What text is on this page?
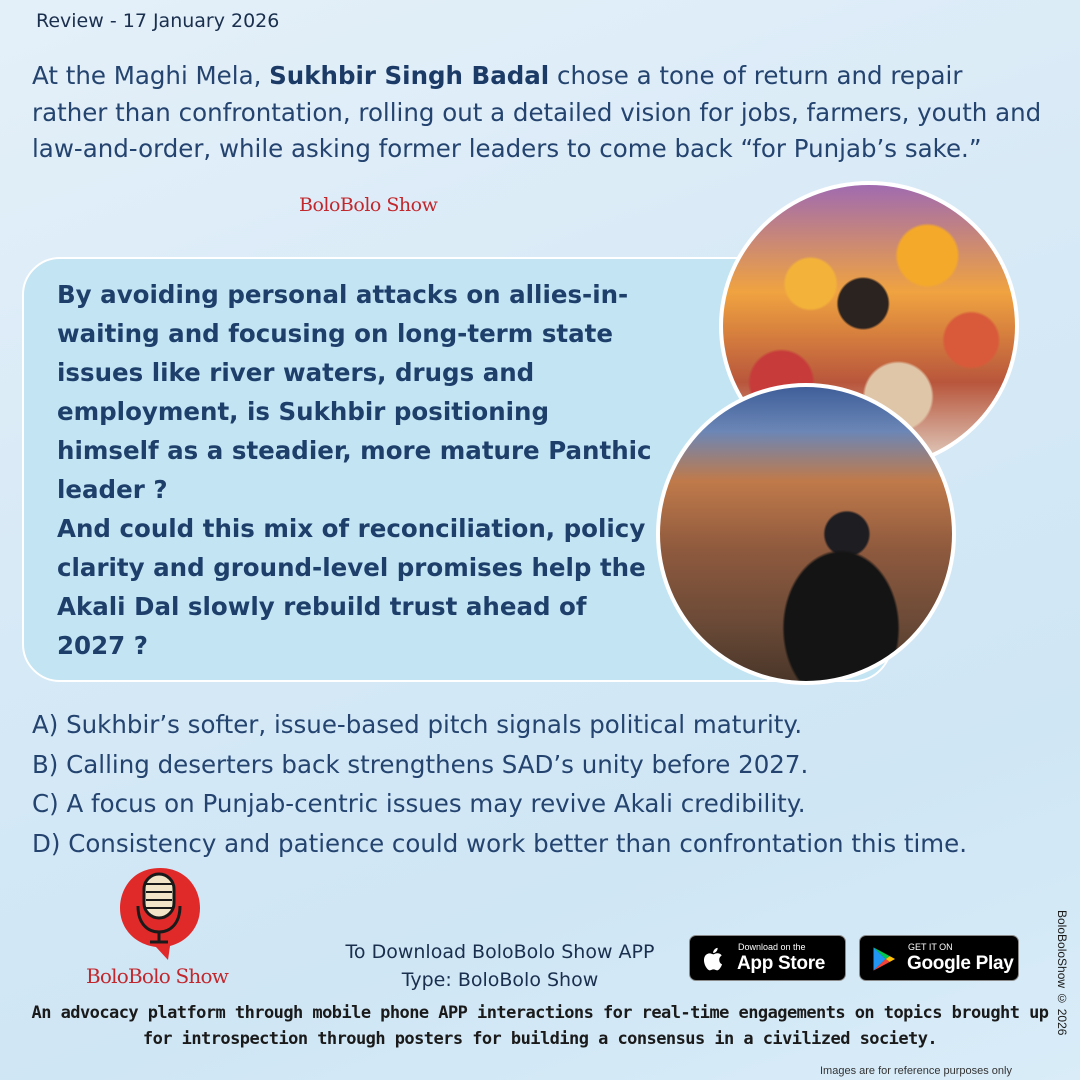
Review - 17 January 2026
At the Maghi Mela, Sukhbir Singh Badal chose a tone of return and repair rather than confrontation, rolling out a detailed vision for jobs, farmers, youth and law-and-order, while asking former leaders to come back “for Punjab’s sake.”
BoloBolo Show
By avoiding personal attacks on allies-in-waiting and focusing on long-term state issues like river waters, drugs and employment, is Sukhbir positioning himself as a steadier, more mature Panthic leader ?
And could this mix of reconciliation, policy clarity and ground-level promises help the Akali Dal slowly rebuild trust ahead of 2027 ?
A) Sukhbir’s softer, issue-based pitch signals political maturity.
B) Calling deserters back strengthens SAD’s unity before 2027.
C) A focus on Punjab-centric issues may revive Akali credibility.
D) Consistency and patience could work better than confrontation this time.
BoloBolo Show
To Download BoloBolo Show APP
Type: BoloBolo Show
Download on the
App Store
GET IT ON
Google Play
An advocacy platform through mobile phone APP interactions for real-time engagements on topics brought up for introspection through posters for building a consensus in a civilized society.
Images are for reference purposes only
BoloBoloShow © 2026
